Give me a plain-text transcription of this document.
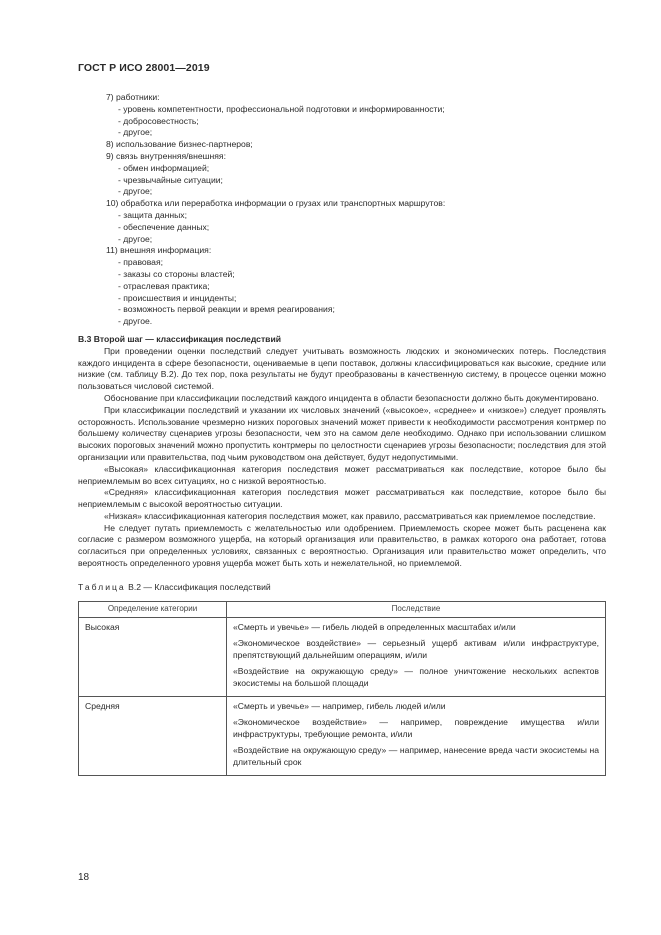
ГОСТ Р ИСО 28001—2019
7) работники:
- уровень компетентности, профессиональной подготовки и информированности;
- добросовестность;
- другое;
8) использование бизнес-партнеров;
9) связь внутренняя/внешняя:
- обмен информацией;
- чрезвычайные ситуации;
- другое;
10) обработка или переработка информации о грузах или транспортных маршрутов:
- защита данных;
- обеспечение данных;
- другое;
11) внешняя информация:
- правовая;
- заказы со стороны властей;
- отраслевая практика;
- происшествия и инциденты;
- возможность первой реакции и время реагирования;
- другое.
B.3 Второй шаг — классификация последствий
При проведении оценки последствий следует учитывать возможность людских и экономических потерь. Последствия каждого инцидента в сфере безопасности, оцениваемые в цепи поставок, должны классифицироваться как высокие, средние или низкие (см. таблицу B.2). До тех пор, пока результаты не будут преобразованы в качественную систему, в процессе оценки можно пользоваться числовой системой.
Обоснование при классификации последствий каждого инцидента в области безопасности должно быть документировано.
При классификации последствий и указании их числовых значений («высокое», «среднее» и «низкое») следует проявлять осторожность. Использование чрезмерно низких пороговых значений может привести к необходимости рассмотрения контрмер по большему количеству сценариев угрозы безопасности, чем это на самом деле необходимо. Однако при использовании слишком высоких пороговых значений можно пропустить контрмеры по целостности сценариев угрозы безопасности; последствия для этой организации или правительства, под чьим руководством она действует, будут недопустимыми.
«Высокая» классификационная категория последствия может рассматриваться как последствие, которое было бы неприемлемым во всех ситуациях, но с низкой вероятностью.
«Средняя» классификационная категория последствия может рассматриваться как последствие, которое было бы неприемлемым с высокой вероятностью ситуации.
«Низкая» классификационная категория последствия может, как правило, рассматриваться как приемлемое последствие.
Не следует путать приемлемость с желательностью или одобрением. Приемлемость скорее может быть расценена как согласие с размером возможного ущерба, на который организация или правительство, в рамках которого она работает, готова согласиться при определенных условиях, связанных с вероятностью. Организация или правительство может определить, что вероятность определенного уровня ущерба может быть хоть и нежелательной, но приемлемой.
Таблица B.2 — Классификация последствий
Определение категории	Последствие
Высокая	«Смерть и увечье» — гибель людей в определенных масштабах и/или

«Экономическое воздействие» — серьезный ущерб активам и/или инфраструктуре, препятствующий дальнейшим операциям, и/или

«Воздействие на окружающую среду» — полное уничтожение нескольких аспектов экосистемы на большой площади

Средняя	«Смерть и увечье» — например, гибель людей и/или

«Экономическое воздействие» — например, повреждение имущества и/или инфраструктуры, требующие ремонта, и/или

«Воздействие на окружающую среду» — например, нанесение вреда части экосистемы на длительный срок

18
